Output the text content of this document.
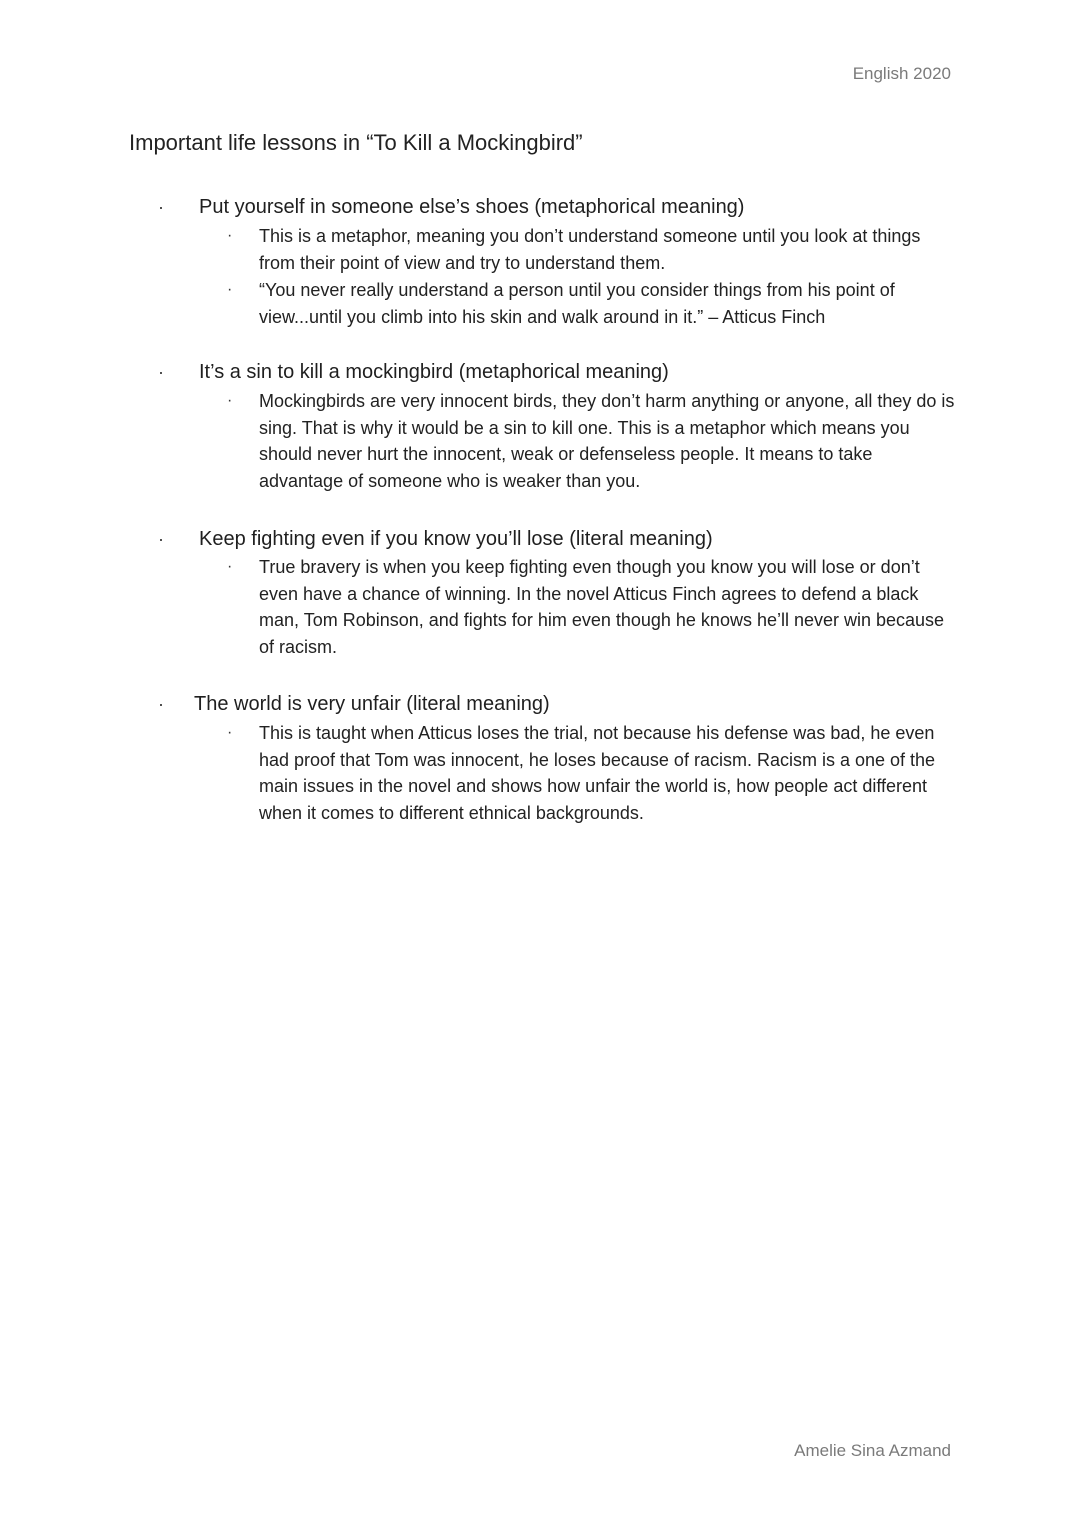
English 2020
Important life lessons in “To Kill a Mockingbird”
· Put yourself in someone else’s shoes (metaphorical meaning)
· This is a metaphor, meaning you don’t understand someone until you look at things from their point of view and try to understand them.
· “You never really understand a person until you consider things from his point of view...until you climb into his skin and walk around in it.” – Atticus Finch
· It’s a sin to kill a mockingbird (metaphorical meaning)
· Mockingbirds are very innocent birds, they don’t harm anything or anyone, all they do is sing. That is why it would be a sin to kill one. This is a metaphor which means you should never hurt the innocent, weak or defenseless people. It means to take advantage of someone who is weaker than you.
· Keep fighting even if you know you’ll lose (literal meaning)
· True bravery is when you keep fighting even though you know you will lose or don’t even have a chance of winning. In the novel Atticus Finch agrees to defend a black man, Tom Robinson, and fights for him even though he knows he’ll never win because of racism.
· The world is very unfair (literal meaning)
· This is taught when Atticus loses the trial, not because his defense was bad, he even had proof that Tom was innocent, he loses because of racism. Racism is a one of the main issues in the novel and shows how unfair the world is, how people act different when it comes to different ethnical backgrounds.
Amelie Sina Azmand
